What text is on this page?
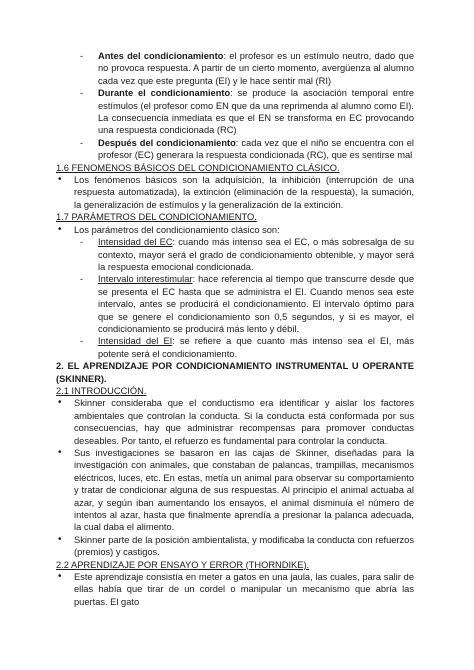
- Antes del condicionamiento: el profesor es un estímulo neutro, dado que no provoca respuesta. A partir de un cierto momento, avergüenza al alumno cada vez que este pregunta (EI) y le hace sentir mal (RI)
- Durante el condicionamiento: se produce la asociación temporal entre estímulos (el profesor como EN que da una reprimenda al alumno como EI). La consecuencia inmediata es que el EN se transforma en EC provocando una respuesta condicionada (RC)
- Después del condicionamiento: cada vez que el niño se encuentra con el profesor (EC) generara la respuesta condicionada (RC), que es sentirse mal
1.6 FENOMENOS BÁSICOS DEL CONDICIONAMIENTO CLÁSICO.
• Los fenómenos básicos son la adquisición, la inhibición (interrupción de una respuesta automatizada), la extinción (eliminación de la respuesta), la sumación, la generalización de estímulos y la generalización de la extinción.
1.7 PARÁMETROS DEL CONDICIONAMIENTO.
• Los parámetros del condicionamiento clásico son:
- Intensidad del EC: cuando más intenso sea el EC, o más sobresalga de su contexto, mayor será el grado de condicionamiento obtenible, y mayor será la respuesta emocional condicionada.
- Intervalo interestimular: hace referencia al tiempo que transcurre desde que se presenta el EC hasta que se administra el EI. Cuando menos sea este intervalo, antes se producirá el condicionamiento. El intervalo óptimo para que se genere el condicionamiento son 0,5 segundos, y si es mayor, el condicionamiento se producirá más lento y débil.
- Intensidad del EI: se refiere a que cuanto más intenso sea el EI, más potente será el condicionamiento.
2. EL APRENDIZAJE POR CONDICIONAMIENTO INSTRUMENTAL U OPERANTE (SKINNER).
2.1 INTRODUCCIÓN.
• Skinner consideraba que el conductismo era identificar y aislar los factores ambientales que controlan la conducta. Si la conducta está conformada por sus consecuencias, hay que administrar recompensas para promover conductas deseables. Por tanto, el refuerzo es fundamental para controlar la conducta.
• Sus investigaciones se basaron en las cajas de Skinner, diseñadas para la investigación con animales, que constaban de palancas, trampillas, mecanismos eléctricos, luces, etc. En estas, metía un animal para observar su comportamiento y tratar de condicionar alguna de sus respuestas. Al principio el animal actuaba al azar, y según iban aumentando los ensayos, el animal disminuía el número de intentos al azar, hasta que finalmente aprendía a presionar la palanca adecuada, la cual daba el alimento.
• Skinner parte de la posición ambientalista, y modificaba la conducta con refuerzos (premios) y castigos.
2.2 APRENDIZAJE POR ENSAYO Y ERROR (THORNDIKE).
• Este aprendizaje consistía en meter a gatos en una jaula, las cuales, para salir de ellas había que tirar de un cordel o manipular un mecanismo que abría las puertas. El gato
